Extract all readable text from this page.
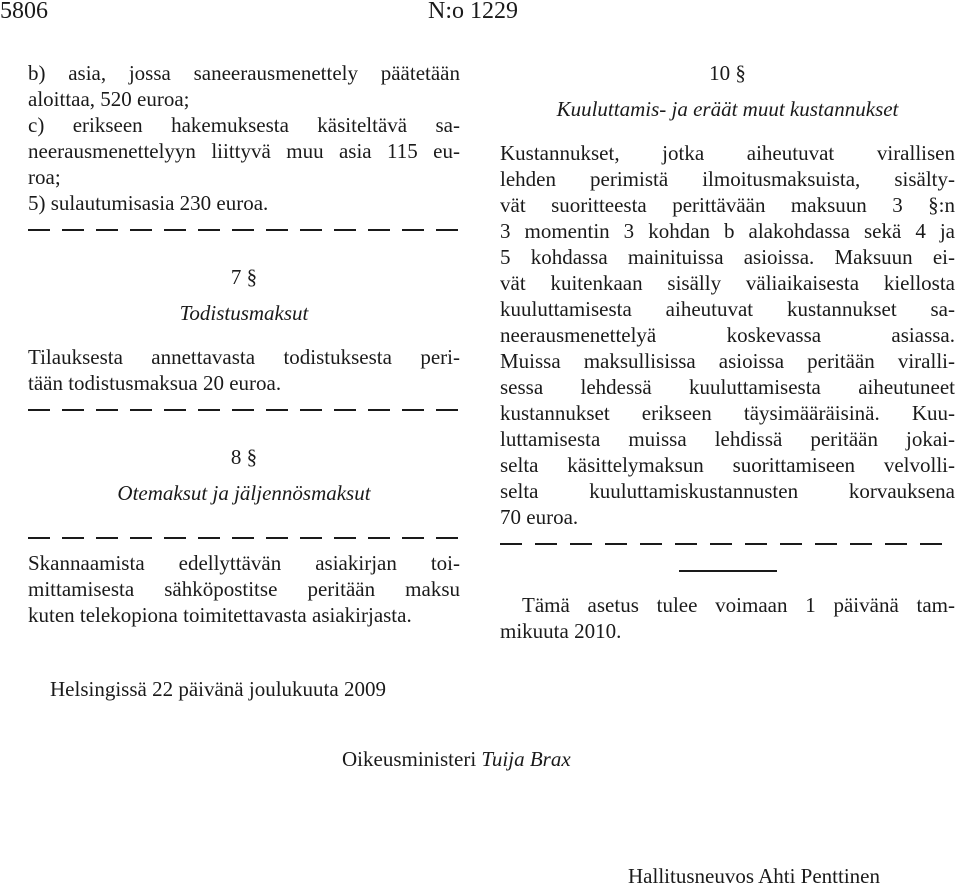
5806	N:o 1229
b) asia, jossa saneerausmenettely päätetään
aloittaa, 520 euroa;
c) erikseen hakemuksesta käsiteltävä sa-
neerausmenettelyyn liittyvä muu asia 115 eu-
roa;
5) sulautumisasia 230 euroa.
7 §
Todistusmaksut
Tilauksesta annettavasta todistuksesta peri-
tään todistusmaksua 20 euroa.
8 §
Otemaksut ja jäljennösmaksut
Skannaamista edellyttävän asiakirjan toi-
mittamisesta sähköpostitse peritään maksu
kuten telekopiona toimitettavasta asiakirjasta.
10 §
Kuuluttamis- ja eräät muut kustannukset
Kustannukset, jotka aiheutuvat virallisen
lehden perimistä ilmoitusmaksuista, sisälty-
vät suoritteesta perittävään maksuun 3 §:n
3 momentin 3 kohdan b alakohdassa sekä 4 ja
5 kohdassa mainituissa asioissa. Maksuun ei-
vät kuitenkaan sisälly väliaikaisesta kiellosta
kuuluttamisesta aiheutuvat kustannukset sa-
neerausmenettelyä koskevassa asiassa.
Muissa maksullisissa asioissa peritään viralli-
sessa lehdessä kuuluttamisesta aiheutuneet
kustannukset erikseen täysimääräisinä. Kuu-
luttamisesta muissa lehdissä peritään jokai-
selta käsittelymaksun suorittamiseen velvolli-
selta kuuluttamiskustannusten korvauksena
70 euroa.
Tämä asetus tulee voimaan 1 päivänä tam-
mikuuta 2010.
Helsingissä 22 päivänä joulukuuta 2009
Oikeusministeri Tuija Brax
Hallitusneuvos Ahti Penttinen
